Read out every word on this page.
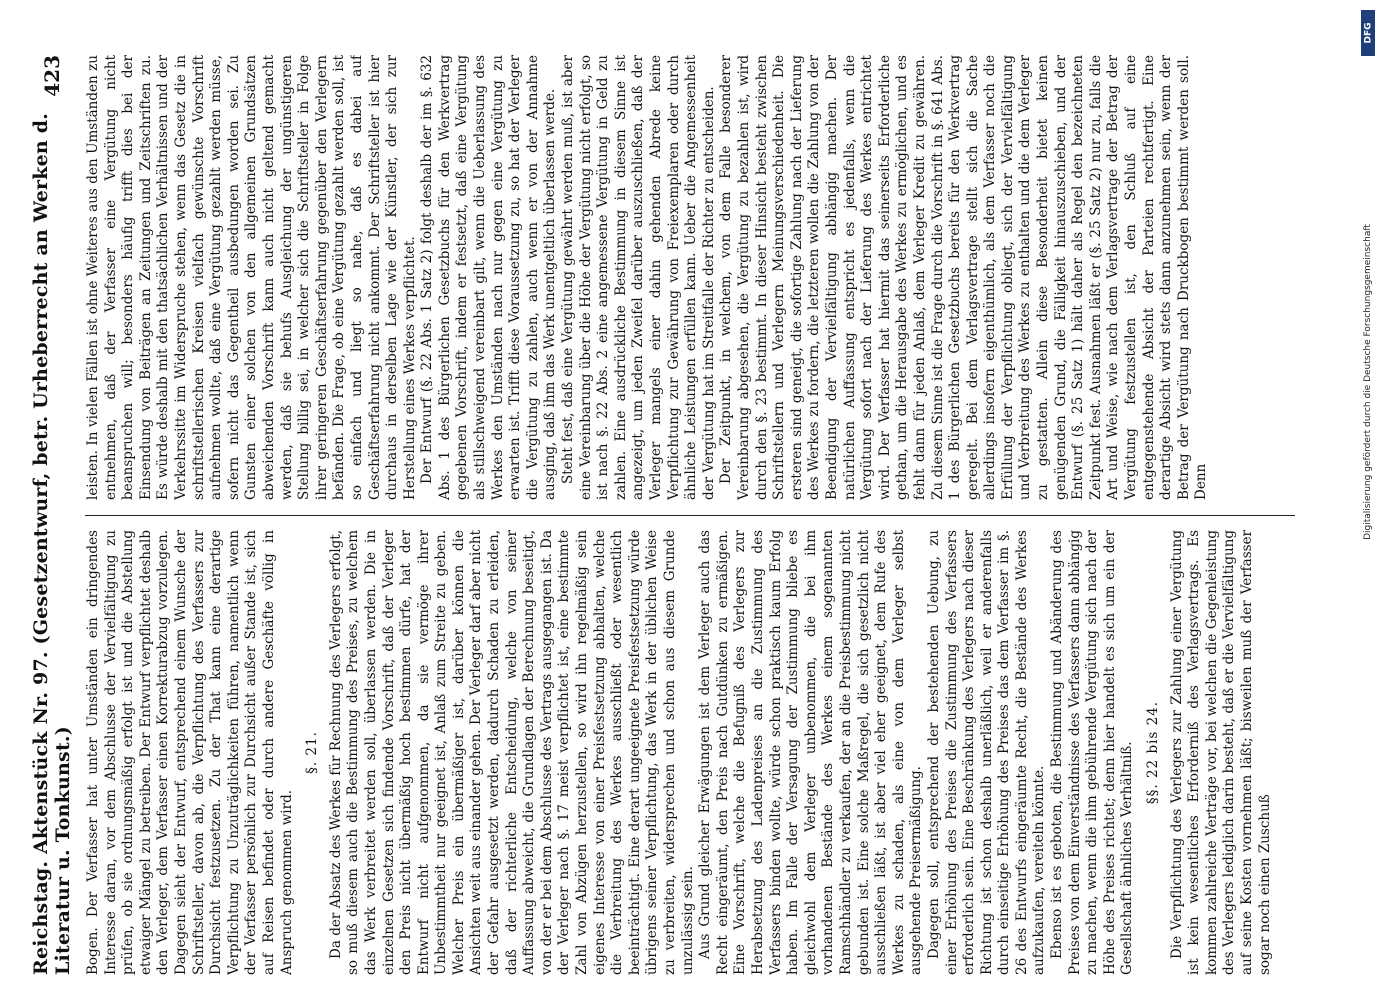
Reichstag. Aktenstück Nr. 97. (Gesetzentwurf, betr. Urheberrecht an Werken d. Literatur u. Tonkunst.)
423

Bogen. Der Verfasser hat unter Umständen ein dringendes Interesse daran, vor dem Abschlusse der Vervielfältigung zu prüfen, ob sie ordnungsmäßig erfolgt ist und die Abstellung etwaiger Mängel zu betreiben. Der Entwurf verpflichtet deshalb den Verleger, dem Verfasser einen Korrekturabzug vorzulegen. Dagegen sieht der Entwurf, entsprechend einem Wunsche der Schriftsteller, davon ab, die Verpflichtung des Verfassers zur Durchsicht festzusetzen. Zu der That kann eine derartige Verpflichtung zu Unzuträglichkeiten führen, namentlich wenn der Verfasser persönlich zur Durchsicht außer Stande ist, sich auf Reisen befindet oder durch andere Geschäfte völlig in Anspruch genommen wird.

§. 21. Da der Absatz des Werkes für Rechnung des Verlegers erfolgt, so muß diesem auch die Bestimmung des Preises, zu welchem das Werk verbreitet werden soll, überlassen werden. Die in einzelnen Gesetzen sich findende Vorschrift, daß der Verleger den Preis nicht übermäßig hoch bestimmen dürfe, hat der Entwurf nicht aufgenommen, da sie vermöge ihrer Unbestimmtheit nur geeignet ist, Anlaß zum Streite zu geben. Welcher Preis ein übermäßiger ist, darüber können die Ansichten weit aus einander gehen. Der Verleger darf aber nicht der Gefahr ausgesetzt werden, dadurch Schaden zu erleiden, daß der richterliche Entscheidung, welche von seiner Auffassung abweicht, die Grundlagen der Berechnung beseitigt, von der er bei dem Abschlusse des Vertrags ausgegangen ist. Da der Verleger nach §. 17 meist verpflichtet ist, eine bestimmte Zahl von Abzügen herzustellen, so wird ihn regelmäßig sein eigenes Interesse von einer Preisfestsetzung abhalten, welche die Verbreitung des Werkes ausschließt oder wesentlich beeinträchtigt. Eine derart ungeeignete Preisfestsetzung würde übrigens seiner Verpflichtung, das Werk in der üblichen Weise zu verbreiten, widersprechen und schon aus diesem Grunde unzulässig sein. Aus Grund gleicher Erwägungen ist dem Verleger auch das Recht eingeräumt, den Preis nach Gutdünken zu ermäßigen. Eine Vorschrift, welche die Befugniß des Verlegers zur Herabsetzung des Ladenpreises an die Zustimmung des Verfassers binden wollte, würde schon praktisch kaum Erfolg haben. Im Falle der Versagung der Zustimmung bliebe es gleichwohl dem Verleger unbenommen, die bei ihm vorhandenen Bestände des Werkes einem sogenannten Ramschhändler zu verkaufen, der an die Preisbestimmung nicht gebunden ist. Eine solche Maßregel, die sich gesetzlich nicht ausschließen läßt, ist aber viel eher geeignet, dem Rufe des Werkes zu schaden, als eine von dem Verleger selbst ausgehende Preisermäßigung. Dagegen soll, entsprechend der bestehenden Uebung, zu einer Erhöhung des Preises die Zustimmung des Verfassers erforderlich sein. Eine Beschränkung des Verlegers nach dieser Richtung ist schon deshalb unerläßlich, weil er anderenfalls durch einseitige Erhöhung des Preises das dem Verfasser im §. 26 des Entwurfs eingeräumte Recht, die Bestände des Werkes aufzukaufen, vereiteln könnte. Ebenso ist es geboten, die Bestimmung und Abänderung des Preises von dem Einverständnisse des Verfassers dann abhängig zu machen, wenn die ihm gebührende Vergütung sich nach der Höhe des Preises richtet; denn hier handelt es sich um ein der Gesellschaft ähnliches Verhältniß. §§. 22 bis 24. Die Verpflichtung des Verlegers zur Zahlung einer Vergütung ist kein wesentliches Erforderniß des Verlagsvertrags. Es kommen zahlreiche Verträge vor, bei welchen die Gegenleistung des Verlegers lediglich darin besteht, daß er die Vervielfältigung auf seine Kosten vornehmen läßt; bisweilen muß der Verfasser sogar noch einen Zuschuß

leisten. In vielen Fällen ist ohne Weiteres aus den Umständen zu entnehmen, daß der Verfasser eine Vergütung nicht beanspruchen will; besonders häufig trifft dies bei der Einsendung von Beiträgen an Zeitungen und Zeitschriften zu. Es würde deshalb mit den thatsächlichen Verhältnissen und der Verkehrssitte im Widerspruche stehen, wenn das Gesetz die in schriftstellerischen Kreisen vielfach gewünschte Vorschrift aufnehmen wollte, daß eine Vergütung gezahlt werden müsse, sofern nicht das Gegentheil ausbedungen worden sei. Zu Gunsten einer solchen von den allgemeinen Grundsätzen abweichenden Vorschrift kann auch nicht geltend gemacht werden, daß sie behufs Ausgleichung der ungünstigeren Stellung billig sei, in welcher sich die Schriftsteller in Folge ihrer geringeren Geschäftserfahrung gegenüber den Verlegern befänden. Die Frage, ob eine Vergütung gezahlt werden soll, ist so einfach und liegt so nahe, daß es dabei auf Geschäftserfahrung nicht ankommt. Der Schriftsteller ist hier durchaus in derselben Lage wie der Künstler, der sich zur Herstellung eines Werkes verpflichtet. Der Entwurf (§. 22 Abs. 1 Satz 2) folgt deshalb der im §. 632 Abs. 1 des Bürgerlichen Gesetzbuchs für den Werkvertrag gegebenen Vorschrift, indem er festsetzt, daß eine Vergütung als stillschweigend vereinbart gilt, wenn die Ueberlassung des Werkes den Umständen nach nur gegen eine Vergütung zu erwarten ist. Trifft diese Voraussetzung zu, so hat der Verleger die Vergütung zu zahlen, auch wenn er von der Annahme ausging, daß ihm das Werk unentgeltlich überlassen werde. Steht fest, daß eine Vergütung gewährt werden muß, ist aber eine Vereinbarung über die Höhe der Vergütung nicht erfolgt, so ist nach §. 22 Abs. 2 eine angemessene Vergütung in Geld zu zahlen. Eine ausdrückliche Bestimmung in diesem Sinne ist angezeigt, um jeden Zweifel darüber auszuschließen, daß der Verleger mangels einer dahin gehenden Abrede keine Verpflichtung zur Gewährung von Freiexemplaren oder durch ähnliche Leistungen erfüllen kann. Ueber die Angemessenheit der Vergütung hat im Streitfalle der Richter zu entscheiden. Der Zeitpunkt, in welchem, von dem Falle besonderer Vereinbarung abgesehen, die Vergütung zu bezahlen ist, wird durch den §. 23 bestimmt. In dieser Hinsicht besteht zwischen Schriftstellern und Verlegern Meinungsverschiedenheit. Die ersteren sind geneigt, die sofortige Zahlung nach der Lieferung des Werkes zu fordern, die letzteren wollen die Zahlung von der Beendigung der Vervielfältigung abhängig machen. Der natürlichen Auffassung entspricht es jedenfalls, wenn die Vergütung sofort nach der Lieferung des Werkes entrichtet wird. Der Verfasser hat hiermit das seinerseits Erforderliche gethan, um die Herausgabe des Werkes zu ermöglichen, und es fehlt dann für jeden Anlaß, dem Verleger Kredit zu gewähren. Zu diesem Sinne ist die Frage durch die Vorschrift in §. 641 Abs. 1 des Bürgerlichen Gesetzbuchs bereits für den Werkvertrag geregelt. Bei dem Verlagsvertrage stellt sich die Sache allerdings insofern eigenthümlich, als dem Verfasser noch die Erfüllung der Verpflichtung obliegt, sich der Vervielfältigung und Verbreitung des Werkes zu enthalten und die dem Verleger zu gestatten. Allein diese Besonderheit bietet keinen genügenden Grund, die Fälligkeit hinauszuschieben, und der Entwurf (§. 25 Satz 1) hält daher als Regel den bezeichneten Zeitpunkt fest. Ausnahmen läßt er (§. 25 Satz 2) nur zu, falls die Art und Weise, wie nach dem Verlagsvertrage der Betrag der Vergütung festzustellen ist, den Schluß auf eine entgegenstehende Absicht der Parteien rechtfertigt. Eine derartige Absicht wird stets dann anzunehmen sein, wenn der Betrag der Vergütung nach Druckbogen bestimmt werden soll. Denn

DFG
Digitalisierung gefördert durch die Deutsche Forschungsgemeinschaft
